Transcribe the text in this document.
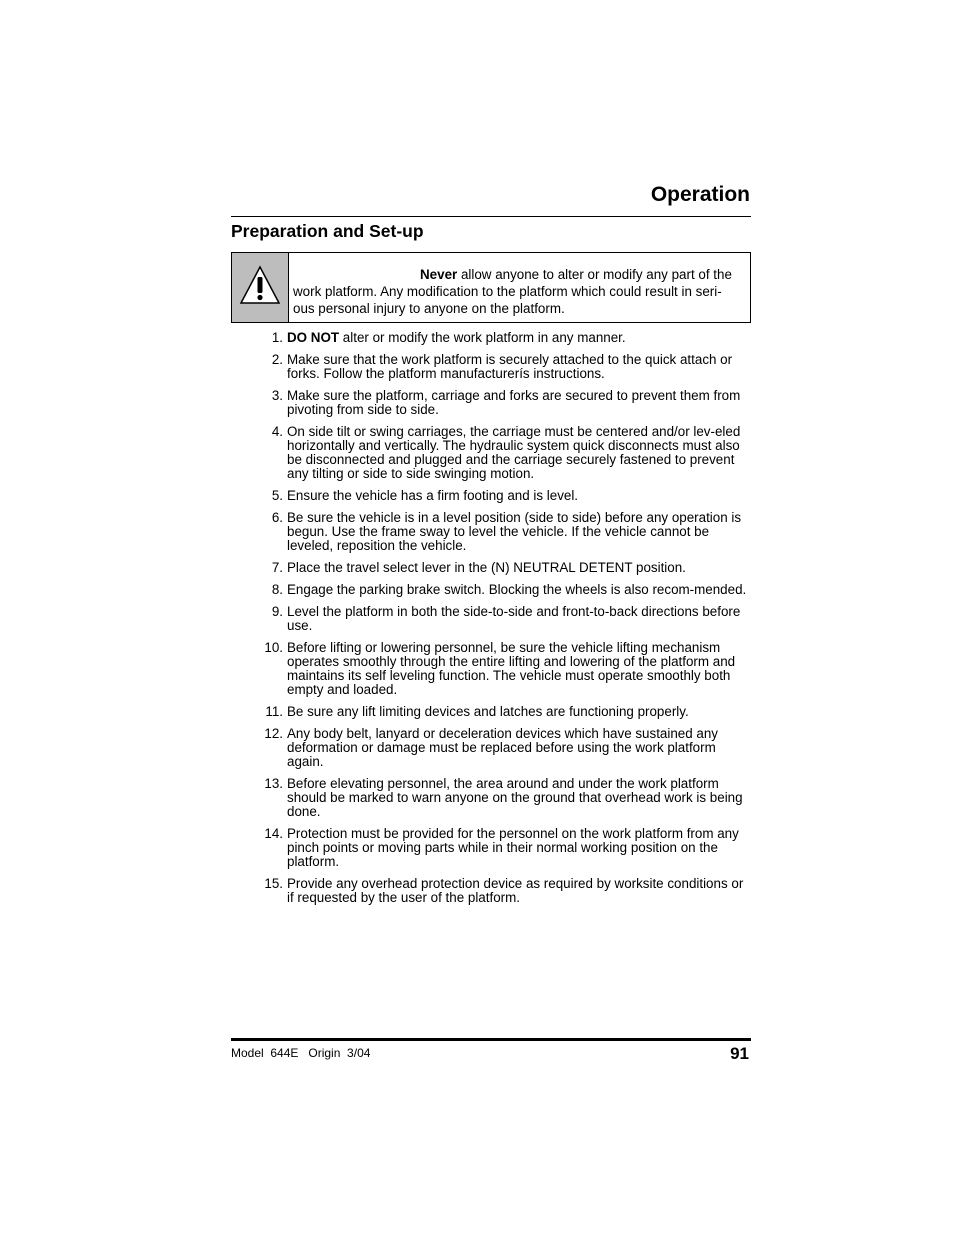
Operation
Preparation and Set-up
Never allow anyone to alter or modify any part of the
work platform. Any modification to the platform which could result in seri-ous personal injury to anyone on the platform.
1. DO NOT alter or modify the work platform in any manner.
2. Make sure that the work platform is securely attached to the quick attach or forks. Follow the platform manufacturerís instructions.
3. Make sure the platform, carriage and forks are secured to prevent them from pivoting from side to side.
4. On side tilt or swing carriages, the carriage must be centered and/or lev-eled horizontally and vertically. The hydraulic system quick disconnects must also be disconnected and plugged and the carriage securely fastened to prevent any tilting or side to side swinging motion.
5. Ensure the vehicle has a firm footing and is level.
6. Be sure the vehicle is in a level position (side to side) before any operation is begun. Use the frame sway to level the vehicle. If the vehicle cannot be leveled, reposition the vehicle.
7. Place the travel select lever in the (N) NEUTRAL DETENT position.
8. Engage the parking brake switch. Blocking the wheels is also recom-mended.
9. Level the platform in both the side-to-side and front-to-back directions before use.
10. Before lifting or lowering personnel, be sure the vehicle lifting mechanism operates smoothly through the entire lifting and lowering of the platform and maintains its self leveling function. The vehicle must operate smoothly both empty and loaded.
11. Be sure any lift limiting devices and latches are functioning properly.
12. Any body belt, lanyard or deceleration devices which have sustained any deformation or damage must be replaced before using the work platform again.
13. Before elevating personnel, the area around and under the work platform should be marked to warn anyone on the ground that overhead work is being done.
14. Protection must be provided for the personnel on the work platform from any pinch points or moving parts while in their normal working position on the platform.
15. Provide any overhead protection device as required by worksite conditions or if requested by the user of the platform.
Model  644E   Origin  3/04	91
